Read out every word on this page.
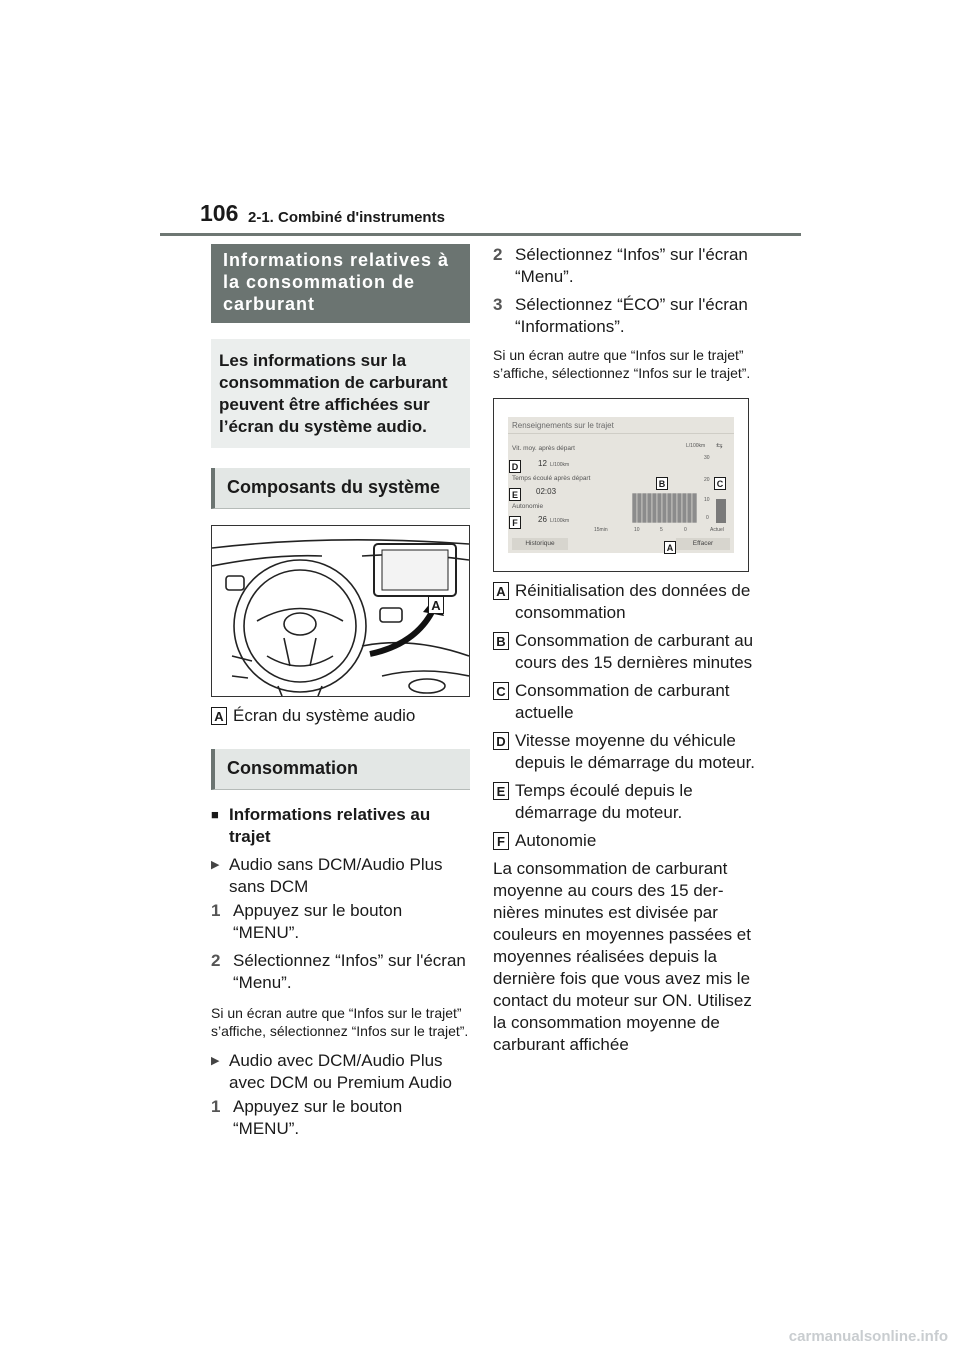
106 2-1. Combiné d'instruments
Informations relatives à la consommation de carburant
Les informations sur la consommation de carburant peuvent être affichées sur l’écran du système audio.
Composants du système
A
A Écran du système audio
Consommation
■ Informations relatives au trajet
▶ Audio sans DCM/Audio Plus sans DCM
1 Appuyez sur le bouton “MENU”.
2 Sélectionnez “Infos” sur l'écran “Menu”.
Si un écran autre que “Infos sur le trajet” s’affiche, sélectionnez “Infos sur le trajet”.
▶ Audio avec DCM/Audio Plus avec DCM ou Premium Audio
1 Appuyez sur le bouton “MENU”.
2 Sélectionnez “Infos” sur l'écran “Menu”.
3 Sélectionnez “ÉCO” sur l'écran “Informations”.
Si un écran autre que “Infos sur le trajet” s’affiche, sélectionnez “Infos sur le trajet”.
Renseignements sur le trajet
Vit. moy. après départ
12 L/100km
Temps écoulé après départ
02:03
Autonomie
26 L/100km
L/100km ⇆
30
20
10
0
15min	10	5	0	Actuel
Historique	Effacer
D
E
F
B	C
A
A Réinitialisation des données de consommation
B Consommation de carburant au cours des 15 dernières minutes
C Consommation de carburant actuelle
D Vitesse moyenne du véhicule depuis le démarrage du moteur.
E Temps écoulé depuis le démarrage du moteur.
F Autonomie
La consommation de carburant moyenne au cours des 15 der-nières minutes est divisée par couleurs en moyennes passées et moyennes réalisées depuis la dernière fois que vous avez mis le contact du moteur sur ON. Utilisez la consommation moyenne de carburant affichée
carmanualsonline.info
